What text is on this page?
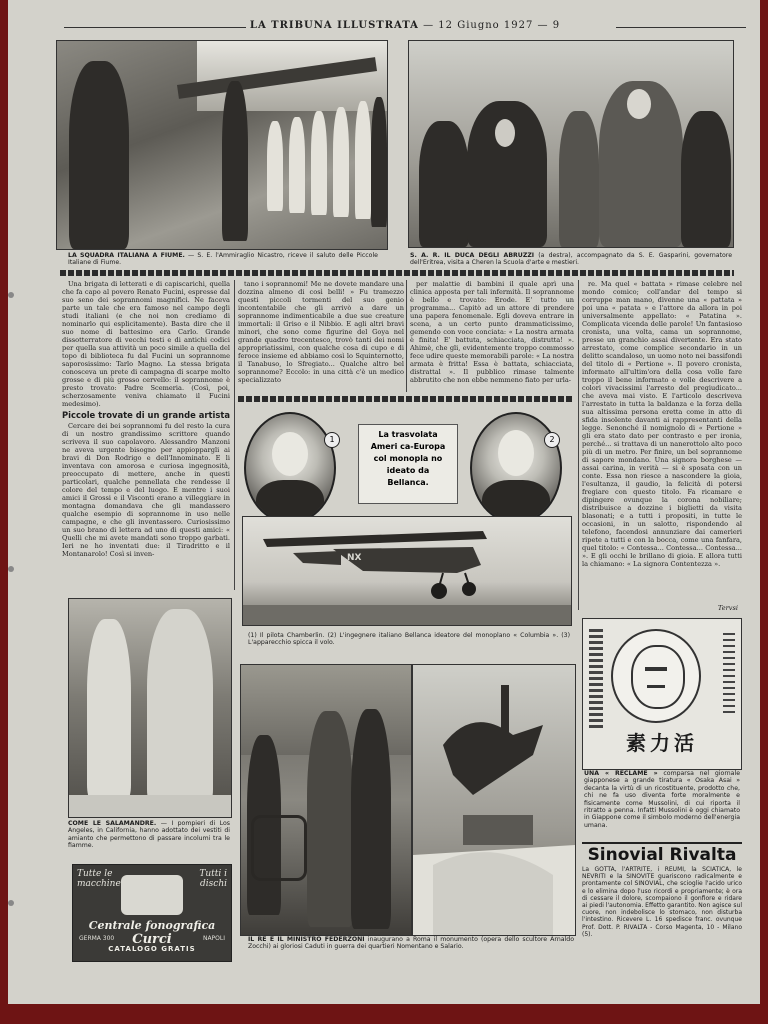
LA TRIBUNA ILLUSTRATA — 12 Giugno 1927 — 9
LA SQUADRA ITALIANA A FIUME. — S. E. l'Ammiraglio Nicastro, riceve il saluto delle Piccole Italiane di Fiume.
S. A. R. IL DUCA DEGLI ABRUZZI (a destra), accompagnato da S. E. Gasparini, governatore dell'Eritrea, visita a Cheren la Scuola d'arte e mestieri.

Una brigata di letterati e di capiscarichi, quella che fa capo al povero Renato Fucini, espresse dal suo seno dei soprannomi magnifici. Ne faceva parte un tale che era famoso nel campo degli studi italiani (e che noi non crediamo di nominarlo qui esplicitamente). Basta dire che il suo nome di battesimo era Carlo. Grande dissotterratore di vecchi testi e di antichi codici per quella sua attività un poco simile a quella del topo di biblioteca fu dal Fucini un soprannome saporosissimo: Tarlo Magno. La stessa brigata conosceva un prete di campagna di scarpe molto grosse e di più grosso cervello: il soprannome è presto trovato: Padre Scemeria. (Così, poi, scherzosamente veniva chiamato il Fucini medesimo).

Piccole trovate di un grande artista

Cercare dei bei soprannomi fu del resto la cura di un nostro grandissimo scrittore quando scriveva il suo capolavoro. Alessandro Manzoni ne aveva urgente bisogno per appioppargli ai bravi di Don Rodrigo e dell'Innominato. E li inventava con amorosa e curiosa ingegnosità, preoccupato di mettere, anche in questi particolari, qualche pennellata che rendesse il colore del tempo e del luogo. E mentre i suoi amici il Grossi e il Visconti erano a villeggiare in montagna domandava che gli mandassero qualche esempio di soprannome in uso nelle campagne, e che gli inventassero. Curiosissimo un suo brano di lettera ad uno di questi amici: « Quelli che mi avete mandati sono troppo garbati. Ieri ne ho inventati due: il Tiradritto e il Montanarolo! Così si inven-

tano i soprannomi! Me ne dovete mandare una dozzina almeno di così belli! » Fu tramezzo questi piccoli tormenti del suo genio incontentabile che gli arrivò a dare un soprannome indimenticabile a due sue creature immortali: il Griso e il Nibbio. E agli altri bravi minori, che sono come figurine del Goya nel grande quadro trecentesco, trovò tanti dei nomi appropriatissimi, con qualche cosa di cupo e di feroce insieme ed abbiamo così lo Squinternotto, il Tanabuso, lo Sfregiato... Qualche altro bel soprannome? Eccolo: in una città c'è un medico specializzato

per malattie di bambini il quale aprì una clinica apposta per tali infermità. Il soprannome è bello e trovato: Erode. E' tutto un programma... Capitò ad un attore di prendere una papera fenomenale. Egli doveva entrare in scena, a un certo punto drammaticissimo, gemendo con voce conciata: « La nostra armata è finita! E' battuta, schiacciata, distrutta! ». Ahimè, che gli, evidentemente troppo commosso fece udire queste memorabili parole: « La nostra armata è fritta! Essa è battata, schiacciata, distrattal ». Il pubblico rimase talmente abbrutito che non ebbe nemmeno fiato per urla-

re. Ma quel « battata » rimase celebre nel mondo comico; coll'andar del tempo si corruppe man mano, divenne una « pattata » poi una « patata » e l'attore da allora in poi universalmente appellato: « Patatina ». Complicata vicenda delle parole! Un fantasioso cronista, una volta, cama un soprannome, presse un granchio assai divertente. Era stato arrestato, come complice secondario in un delitto scandaloso, un uomo noto nei bassifondi del titolo di « Pertione ». Il povero cronista, informato all'ultim'ora della cosa volle fare troppo il bene informato e volle descrivere a colori vivacissimi l'arresto del pregiudicato... che aveva mai visto. E l'articolo descriveva l'arrestato in tutta la baldanza e la forza della sua altissima persona eretta come in atto di sfida insolente davanti ai rappresentanti della legge. Senonché il nomignolo di « Pertione » gli era stato dato per contrasto e per ironia, perché... si trattava di un nanerottolo alto poco più di un metro. Per finire, un bel soprannome di sapore mondano. Una signora borghese — assai carina, in verità — si è sposata con un conte. Essa non riesce a nascondere la gioia, l'esultanza, il gaudio, la felicità di potersi fregiare con questo titolo. Fa ricamare e dipingere ovunque la corona nobiliare; distribuisce a dozzine i biglietti da visita blasonati; e a tutti i propositi, in tutte le occasioni, in un salotto, rispondendo al telefono, facendosi annunziare dai camerieri ripete a tutti e con la bocca, come una fanfara, quel titolo: « Contessa... Contessa... Contessa... ». E gli occhi le brillano di gioia. E allora tutti la chiamano: « La signora Contentezza ».

Tervsi
1	2
La trasvolata Ameri ca-Europa col monopla no ideato da Bellanca.
NX
(1) Il pilota Chamberlin. (2) L'ingegnere italiano Bellanca ideatore del monoplano « Columbia ». (3) L'apparecchio spicca il volo.
COME LE SALAMANDRE. — I pompieri di Los Angeles, in California, hanno adottato dei vestiti di amianto che permettono di passare incolumi tra le fiamme.
Tutte le macchine
Tutti i dischi
Centrale fonografica Curci
GERMA 300	NAPOLI
CATALOGO GRATIS
IL RE E IL MINISTRO FEDERZONI inaugurano a Roma il monumento (opera dello scultore Arnaldo Zocchi) ai gloriosi Caduti in guerra dei quartieri Nomentano e Salario.
素力活
UNA « RECLAME » comparsa nel giornale giapponese a grande tiratura « Osaka Asai » decanta la virtù di un ricostituente, prodotto che, chi ne fa uso diventa forte moralmente e fisicamente come Mussolini, di cui riporta il ritratto a penna. Infatti Mussolini è oggi chiamato in Giappone come il simbolo moderno dell'energia umana.
Sinovial Rivalta
La GOTTA, l'ARTRITE, i REUMI, la SCIATICA, le NEVRITI e la SINOVITE guariscono radicalmente e prontamente col SINOVIAL, che scioglie l'acido urico e lo elimina dopo l'uso ricordi e propriamente; è ora di cessare il dolore, scompaiono il gonfiore e ridare ai piedi l'autonomia. Effetto garantito. Non agisce sul cuore, non indebolisce lo stomaco, non disturba l'intestino. Ricevere L. 16 spedisce franc. ovunque Prof. Dott. P. RIVALTA - Corso Magenta, 10 - Milano (5).
